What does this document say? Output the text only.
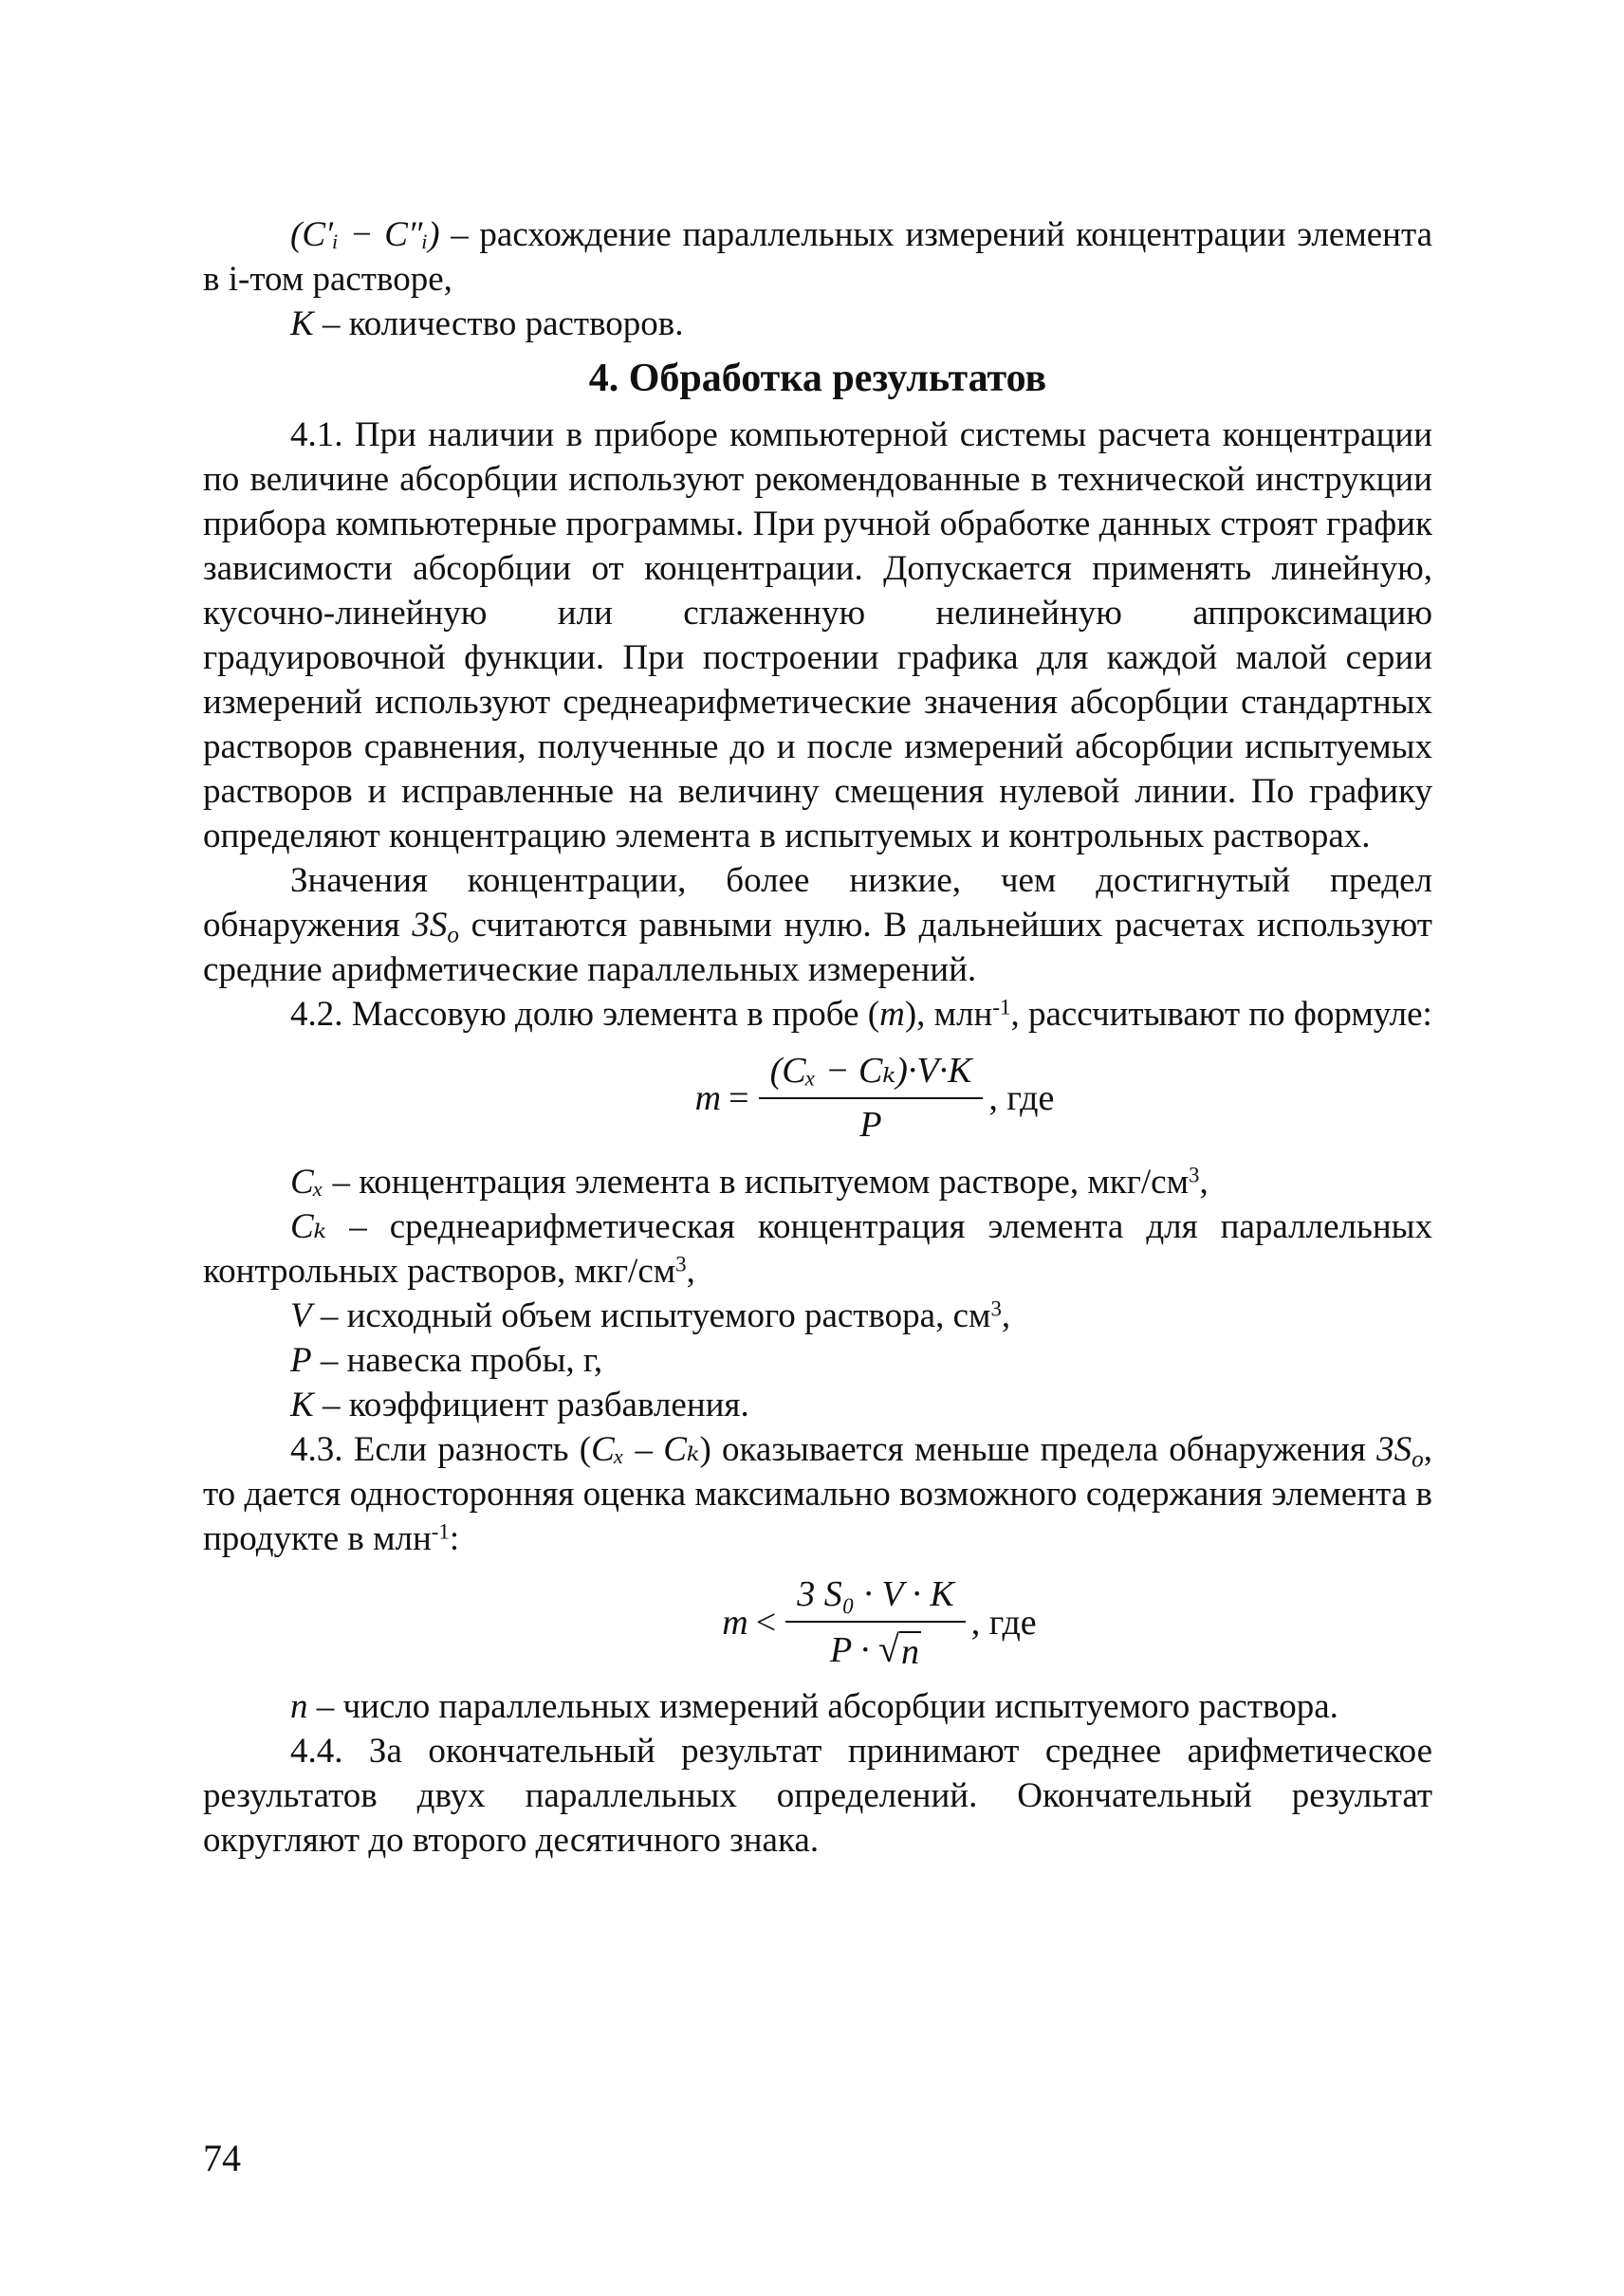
(C′ᵢ − C″ᵢ) – расхождение параллельных измерений концентрации элемента в i-том растворе,

K – количество растворов.

4. Обработка результатов

4.1. При наличии в приборе компьютерной системы расчета концентрации по величине абсорбции используют рекомендованные в технической инструкции прибора компьютерные программы. При ручной обработке данных строят график зависимости абсорбции от концентрации. Допускается применять линейную, кусочно-линейную или сглаженную нелинейную аппроксимацию градуировочной функции. При построении графика для каждой малой серии измерений используют среднеарифметические значения абсорбции стандартных растворов сравнения, полученные до и после измерений абсорбции испытуемых растворов и исправленные на величину смещения нулевой линии. По графику определяют концентрацию элемента в испытуемых и контрольных растворах.

Значения концентрации, более низкие, чем достигнутый предел обнаружения $3S_o$ считаются равными нулю. В дальнейших расчетах используют средние арифметические параллельных измерений.

4.2. Массовую долю элемента в пробе (m), млн$^{-1}$, рассчитывают по формуле:

$m = \frac{\text{(Cₓ − Cₖ)·V·K}}{P}$ , где

Cₓ – концентрация элемента в испытуемом растворе, мкг/$см^3$,

Cₖ – среднеарифметическая концентрация элемента для параллельных контрольных растворов, мкг/$см^3$,

V – исходный объем испытуемого раствора, $см^3$,

P – навеска пробы, г,

K – коэффициент разбавления.

4.3. Если разность (Cₓ – Cₖ) оказывается меньше предела обнаружения $3S_o$, то дается односторонняя оценка максимально возможного содержания элемента в продукте в млн$^{-1}$:

$m < \frac{\text{3 S₀ · V · K}}{P \cdot √ n}$ , где

n – число параллельных измерений абсорбции испытуемого раствора.

4.4. За окончательный результат принимают среднее арифметическое результатов двух параллельных определений. Окончательный результат округляют до второго десятичного знака.

74
